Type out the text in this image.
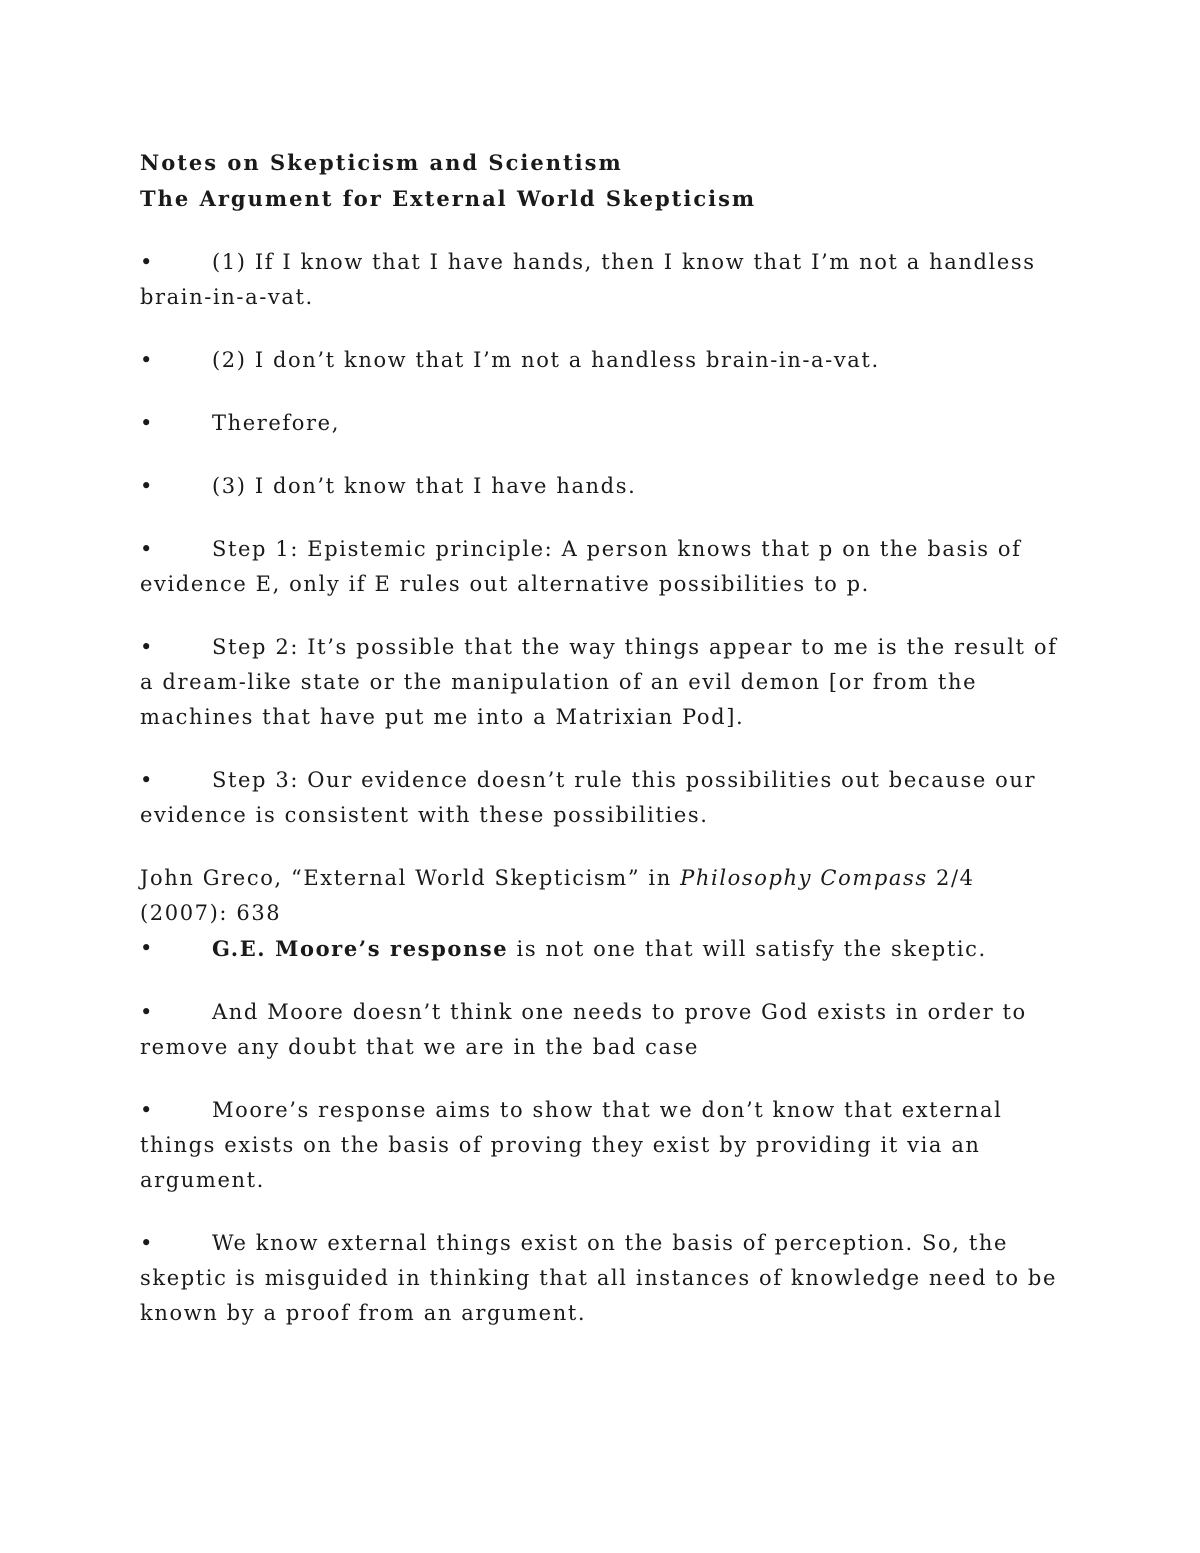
Notes on Skepticism and Scientism

The Argument for External World Skepticism

•	(1) If I know that I have hands, then I know that I’m not a handless brain-in-a-vat.

•	(2) I don’t know that I’m not a handless brain-in-a-vat.

•	Therefore,

•	(3) I don’t know that I have hands.

•	Step 1: Epistemic principle: A person knows that p on the basis of evidence E, only if E rules out alternative possibilities to p.

•	Step 2: It’s possible that the way things appear to me is the result of a dream-like state or the manipulation of an evil demon [or from the machines that have put me into a Matrixian Pod].

•	Step 3: Our evidence doesn’t rule this possibilities out because our evidence is consistent with these possibilities.

John Greco, “External World Skepticism” in Philosophy Compass 2/4 (2007): 638

•	G.E. Moore’s response is not one that will satisfy the skeptic.

•	And Moore doesn’t think one needs to prove God exists in order to remove any doubt that we are in the bad case

•	Moore’s response aims to show that we don’t know that external things exists on the basis of proving they exist by providing it via an argument.

•	We know external things exist on the basis of perception. So, the skeptic is misguided in thinking that all instances of knowledge need to be known by a proof from an argument.
